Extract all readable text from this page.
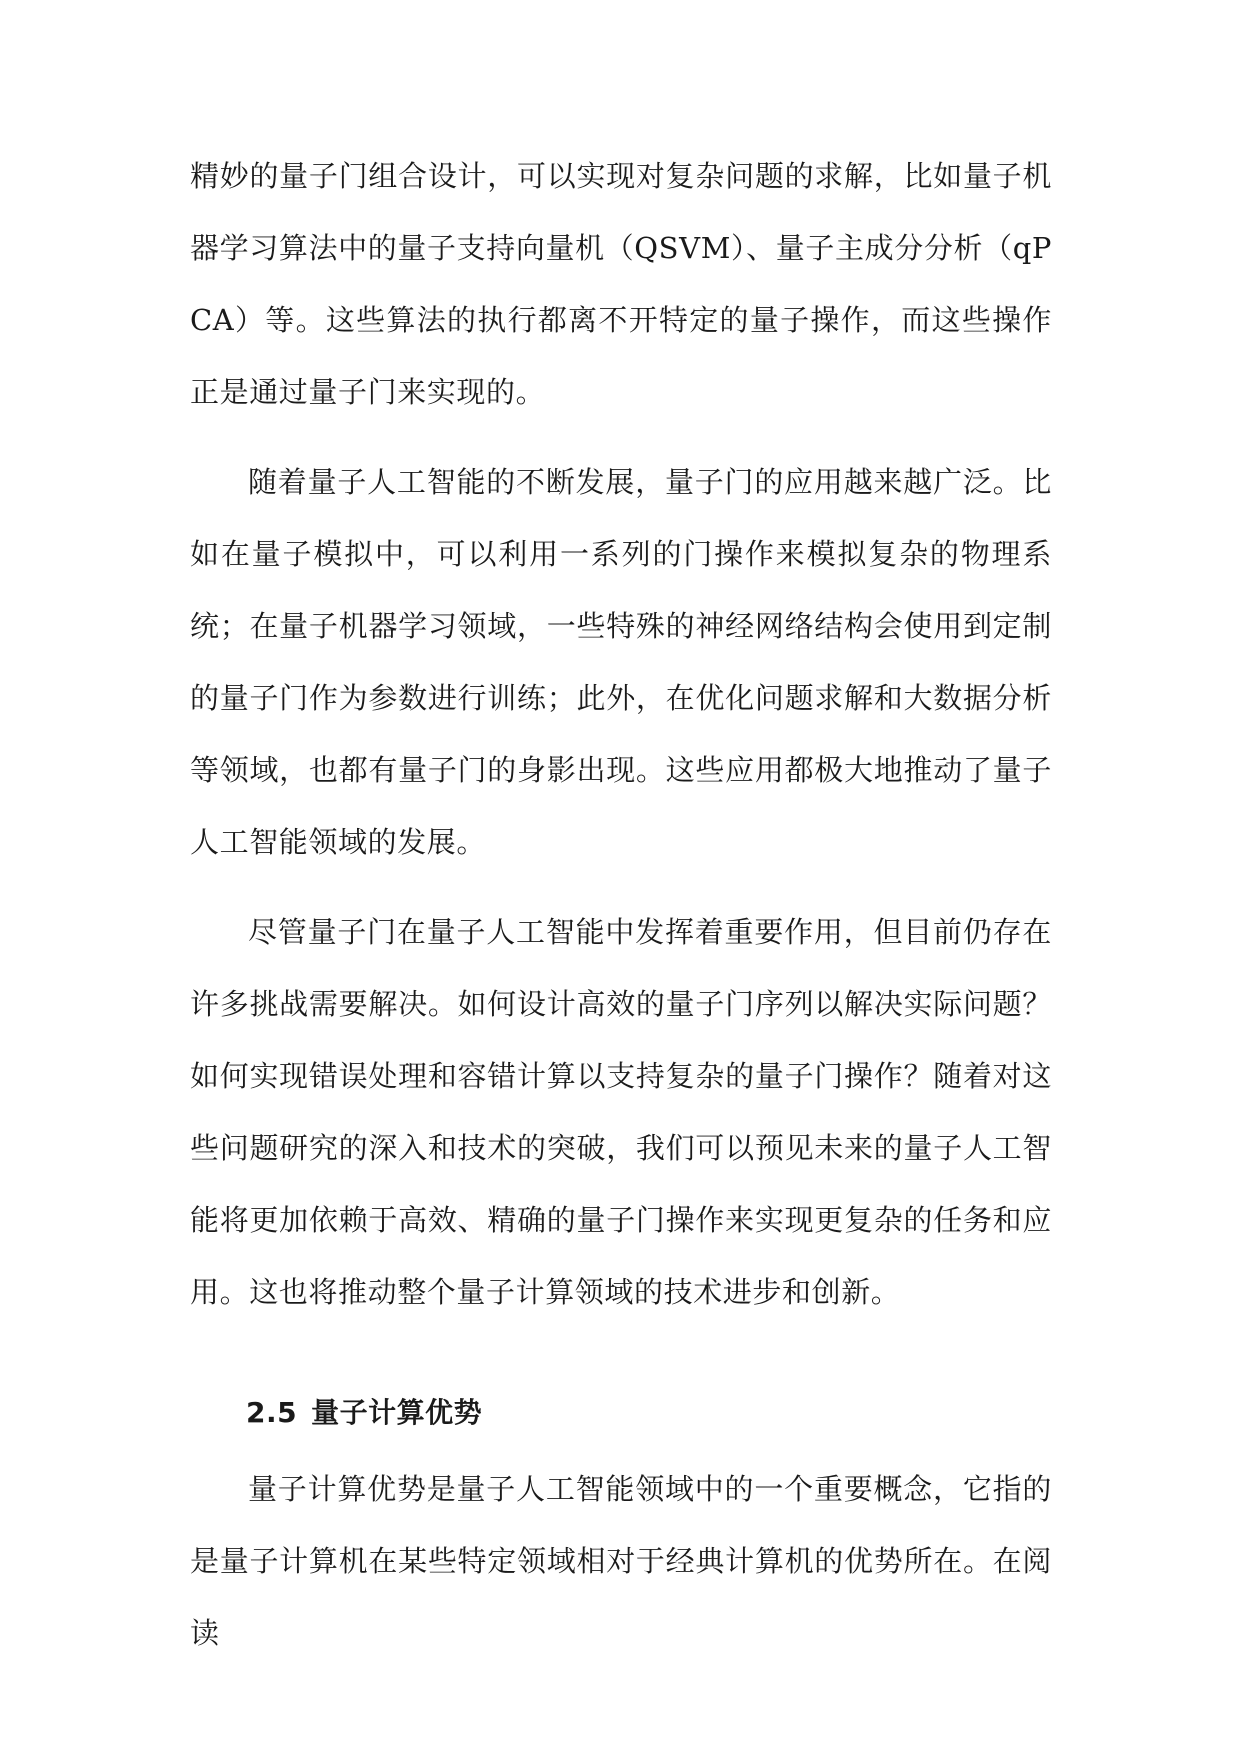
精妙的量子门组合设计，可以实现对复杂问题的求解，比如量子机器学习算法中的量子支持向量机（QSVM）、量子主成分分析（qPCA）等。这些算法的执行都离不开特定的量子操作，而这些操作正是通过量子门来实现的。

随着量子人工智能的不断发展，量子门的应用越来越广泛。比如在量子模拟中，可以利用一系列的门操作来模拟复杂的物理系统；在量子机器学习领域，一些特殊的神经网络结构会使用到定制的量子门作为参数进行训练；此外，在优化问题求解和大数据分析等领域，也都有量子门的身影出现。这些应用都极大地推动了量子人工智能领域的发展。

尽管量子门在量子人工智能中发挥着重要作用，但目前仍存在许多挑战需要解决。如何设计高效的量子门序列以解决实际问题？如何实现错误处理和容错计算以支持复杂的量子门操作？随着对这些问题研究的深入和技术的突破，我们可以预见未来的量子人工智能将更加依赖于高效、精确的量子门操作来实现更复杂的任务和应用。这也将推动整个量子计算领域的技术进步和创新。

2.5 量子计算优势

量子计算优势是量子人工智能领域中的一个重要概念，它指的是量子计算机在某些特定领域相对于经典计算机的优势所在。在阅读
